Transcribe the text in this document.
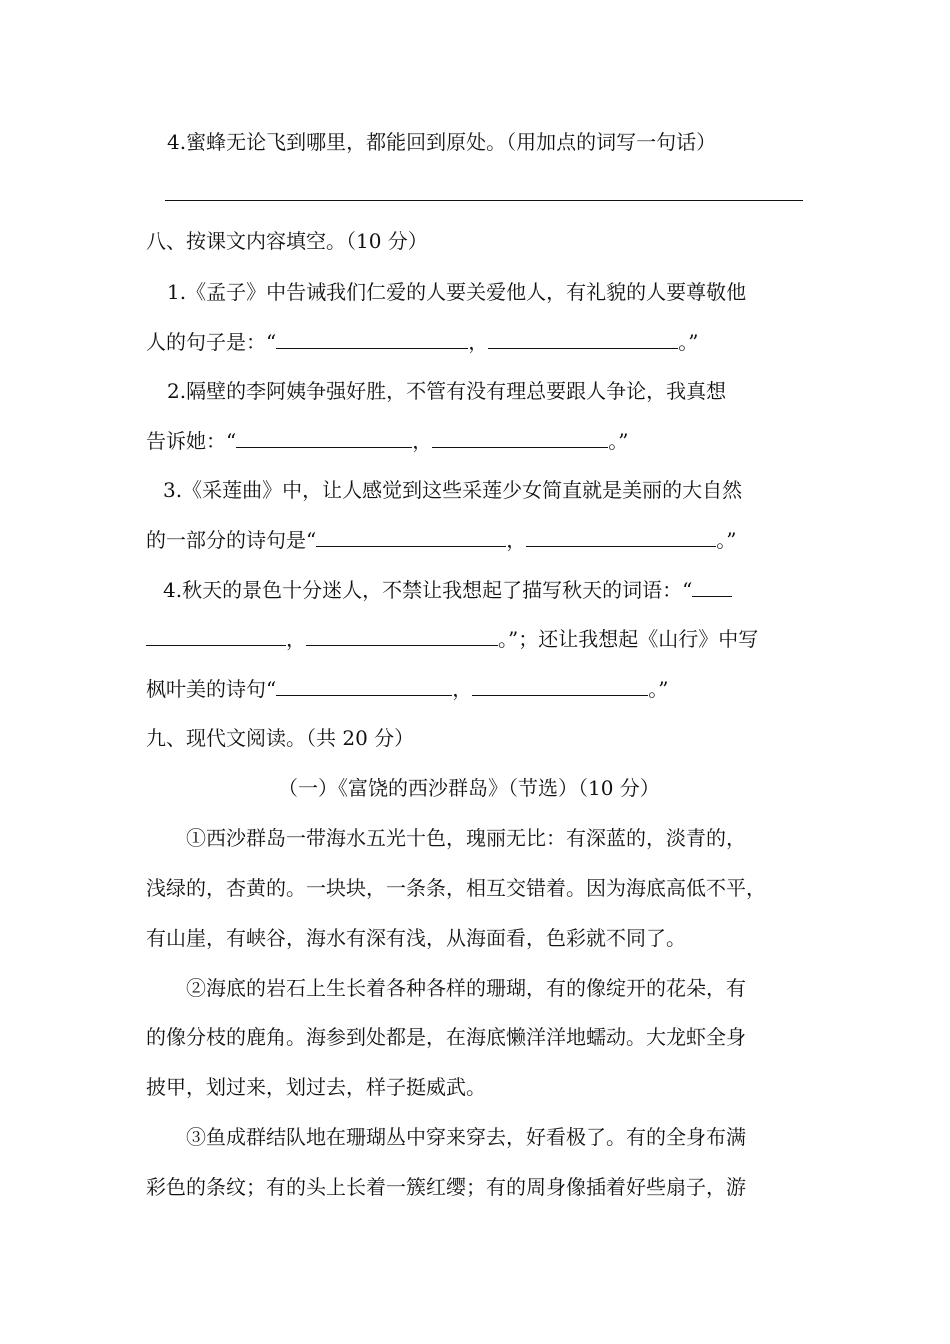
4.蜜蜂无论飞到哪里，都能回到原处。（用加点的词写一句话）
八、按课文内容填空。（10 分）
1.《孟子》中告诫我们仁爱的人要关爱他人，有礼貌的人要尊敬他
人的句子是：“	，	。”
2.隔壁的李阿姨争强好胜，不管有没有理总要跟人争论，我真想
告诉她：“	，	。”
3.《采莲曲》中，让人感觉到这些采莲少女简直就是美丽的大自然
的一部分的诗句是“	，	。”
4.秋天的景色十分迷人，不禁让我想起了描写秋天的词语：“
，	。”；还让我想起《山行》中写
枫叶美的诗句“	，	。”
九、现代文阅读。（共 20 分）
（一）《富饶的西沙群岛》（节选）（10 分）
①西沙群岛一带海水五光十色，瑰丽无比：有深蓝的，淡青的，
浅绿的，杏黄的。一块块，一条条，相互交错着。因为海底高低不平，
有山崖，有峡谷，海水有深有浅，从海面看，色彩就不同了。
②海底的岩石上生长着各种各样的珊瑚，有的像绽开的花朵，有
的像分枝的鹿角。海参到处都是，在海底懒洋洋地蠕动。大龙虾全身
披甲，划过来，划过去，样子挺威武。
③鱼成群结队地在珊瑚丛中穿来穿去，好看极了。有的全身布满
彩色的条纹；有的头上长着一簇红缨；有的周身像插着好些扇子，游
